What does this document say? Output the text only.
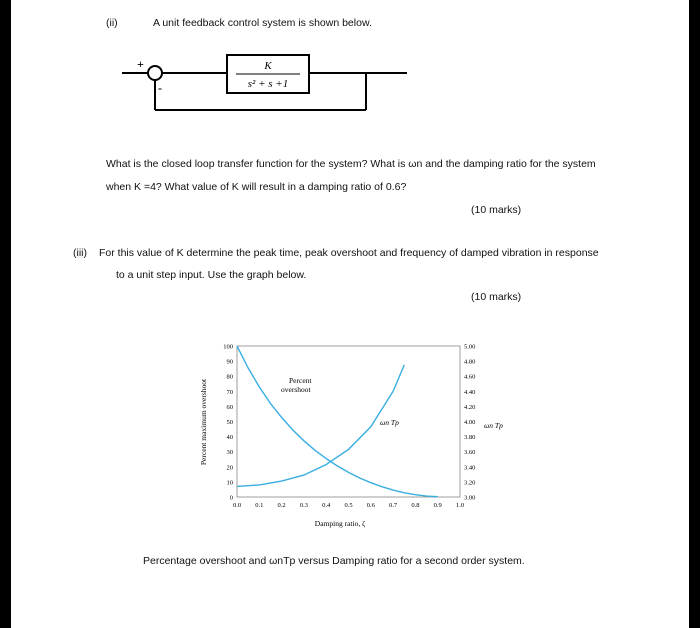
(ii)	A unit feedback control system is shown below.
+
-
K
s² + s +1
What is the closed loop transfer function for the system? What is ωn and the damping ratio for the system
when K =4? What value of K will result in a damping ratio of 0.6?
(10 marks)
(iii) For this value of K determine the peak time, peak overshoot and frequency of damped vibration in response
to a unit step input. Use the graph below.
(10 marks)
0.0 0.1 0.2 0.3 0.4 0.5 0.6 0.7 0.8 0.9 1.0
0
10
20
30
40
50
60
70
80
90
100
3.00
3.20
3.40
3.60
3.80
4.00
4.20
4.40
4.60
4.80
5.00
Damping ratio, ζ
Percent maximum overshoot	ωn Tp
Percent
overshoot
ωn Tp
Percentage overshoot and ωnTp versus Damping ratio for a second order system.
